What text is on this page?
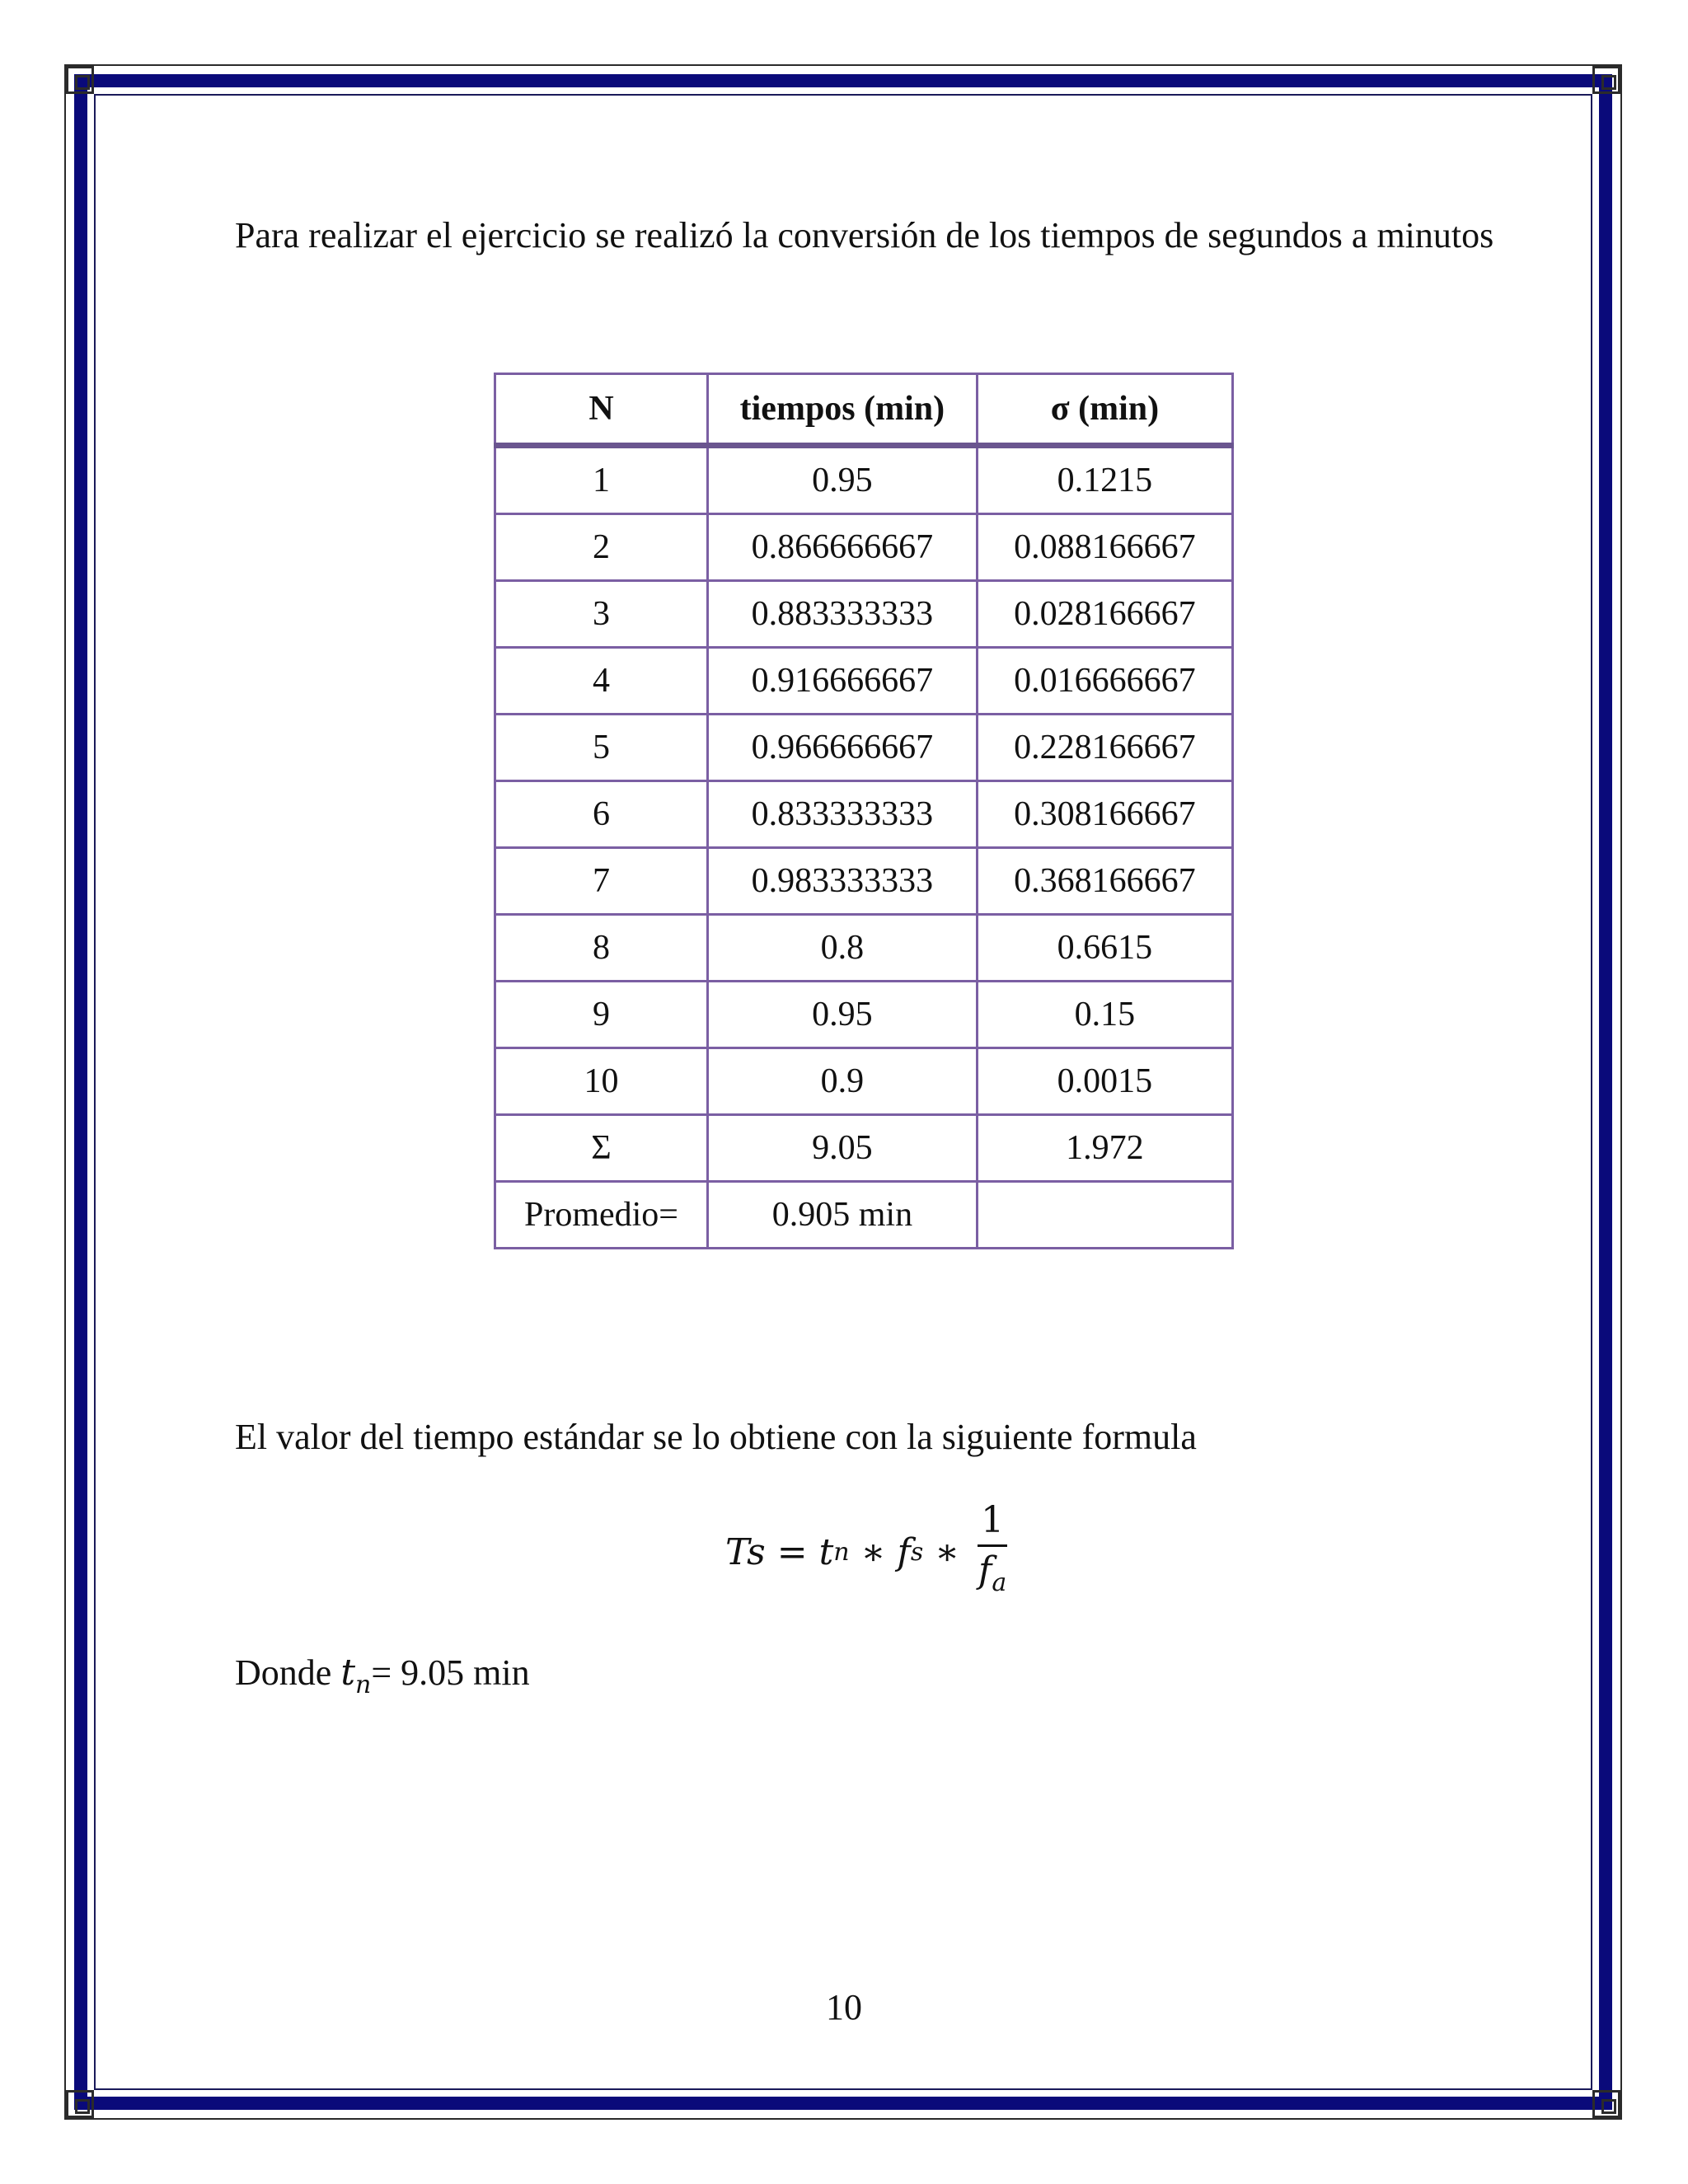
Para realizar el ejercicio se realizó la conversión de los tiempos de segundos a minutos

N	tiempos (min)	σ (min)
1	0.95	0.1215
2	0.866666667	0.088166667
3	0.883333333	0.028166667
4	0.916666667	0.016666667
5	0.966666667	0.228166667
6	0.833333333	0.308166667
7	0.983333333	0.368166667
8	0.8	0.6615
9	0.95	0.15
10	0.9	0.0015
Σ	9.05	1.972
Promedio=	0.905 min	

El valor del tiempo estándar se lo obtiene con la siguiente formula

Ts = t n ∗ f s ∗ $\frac{1}{f_a}$

Donde $t_n= 9.05$ min

10
